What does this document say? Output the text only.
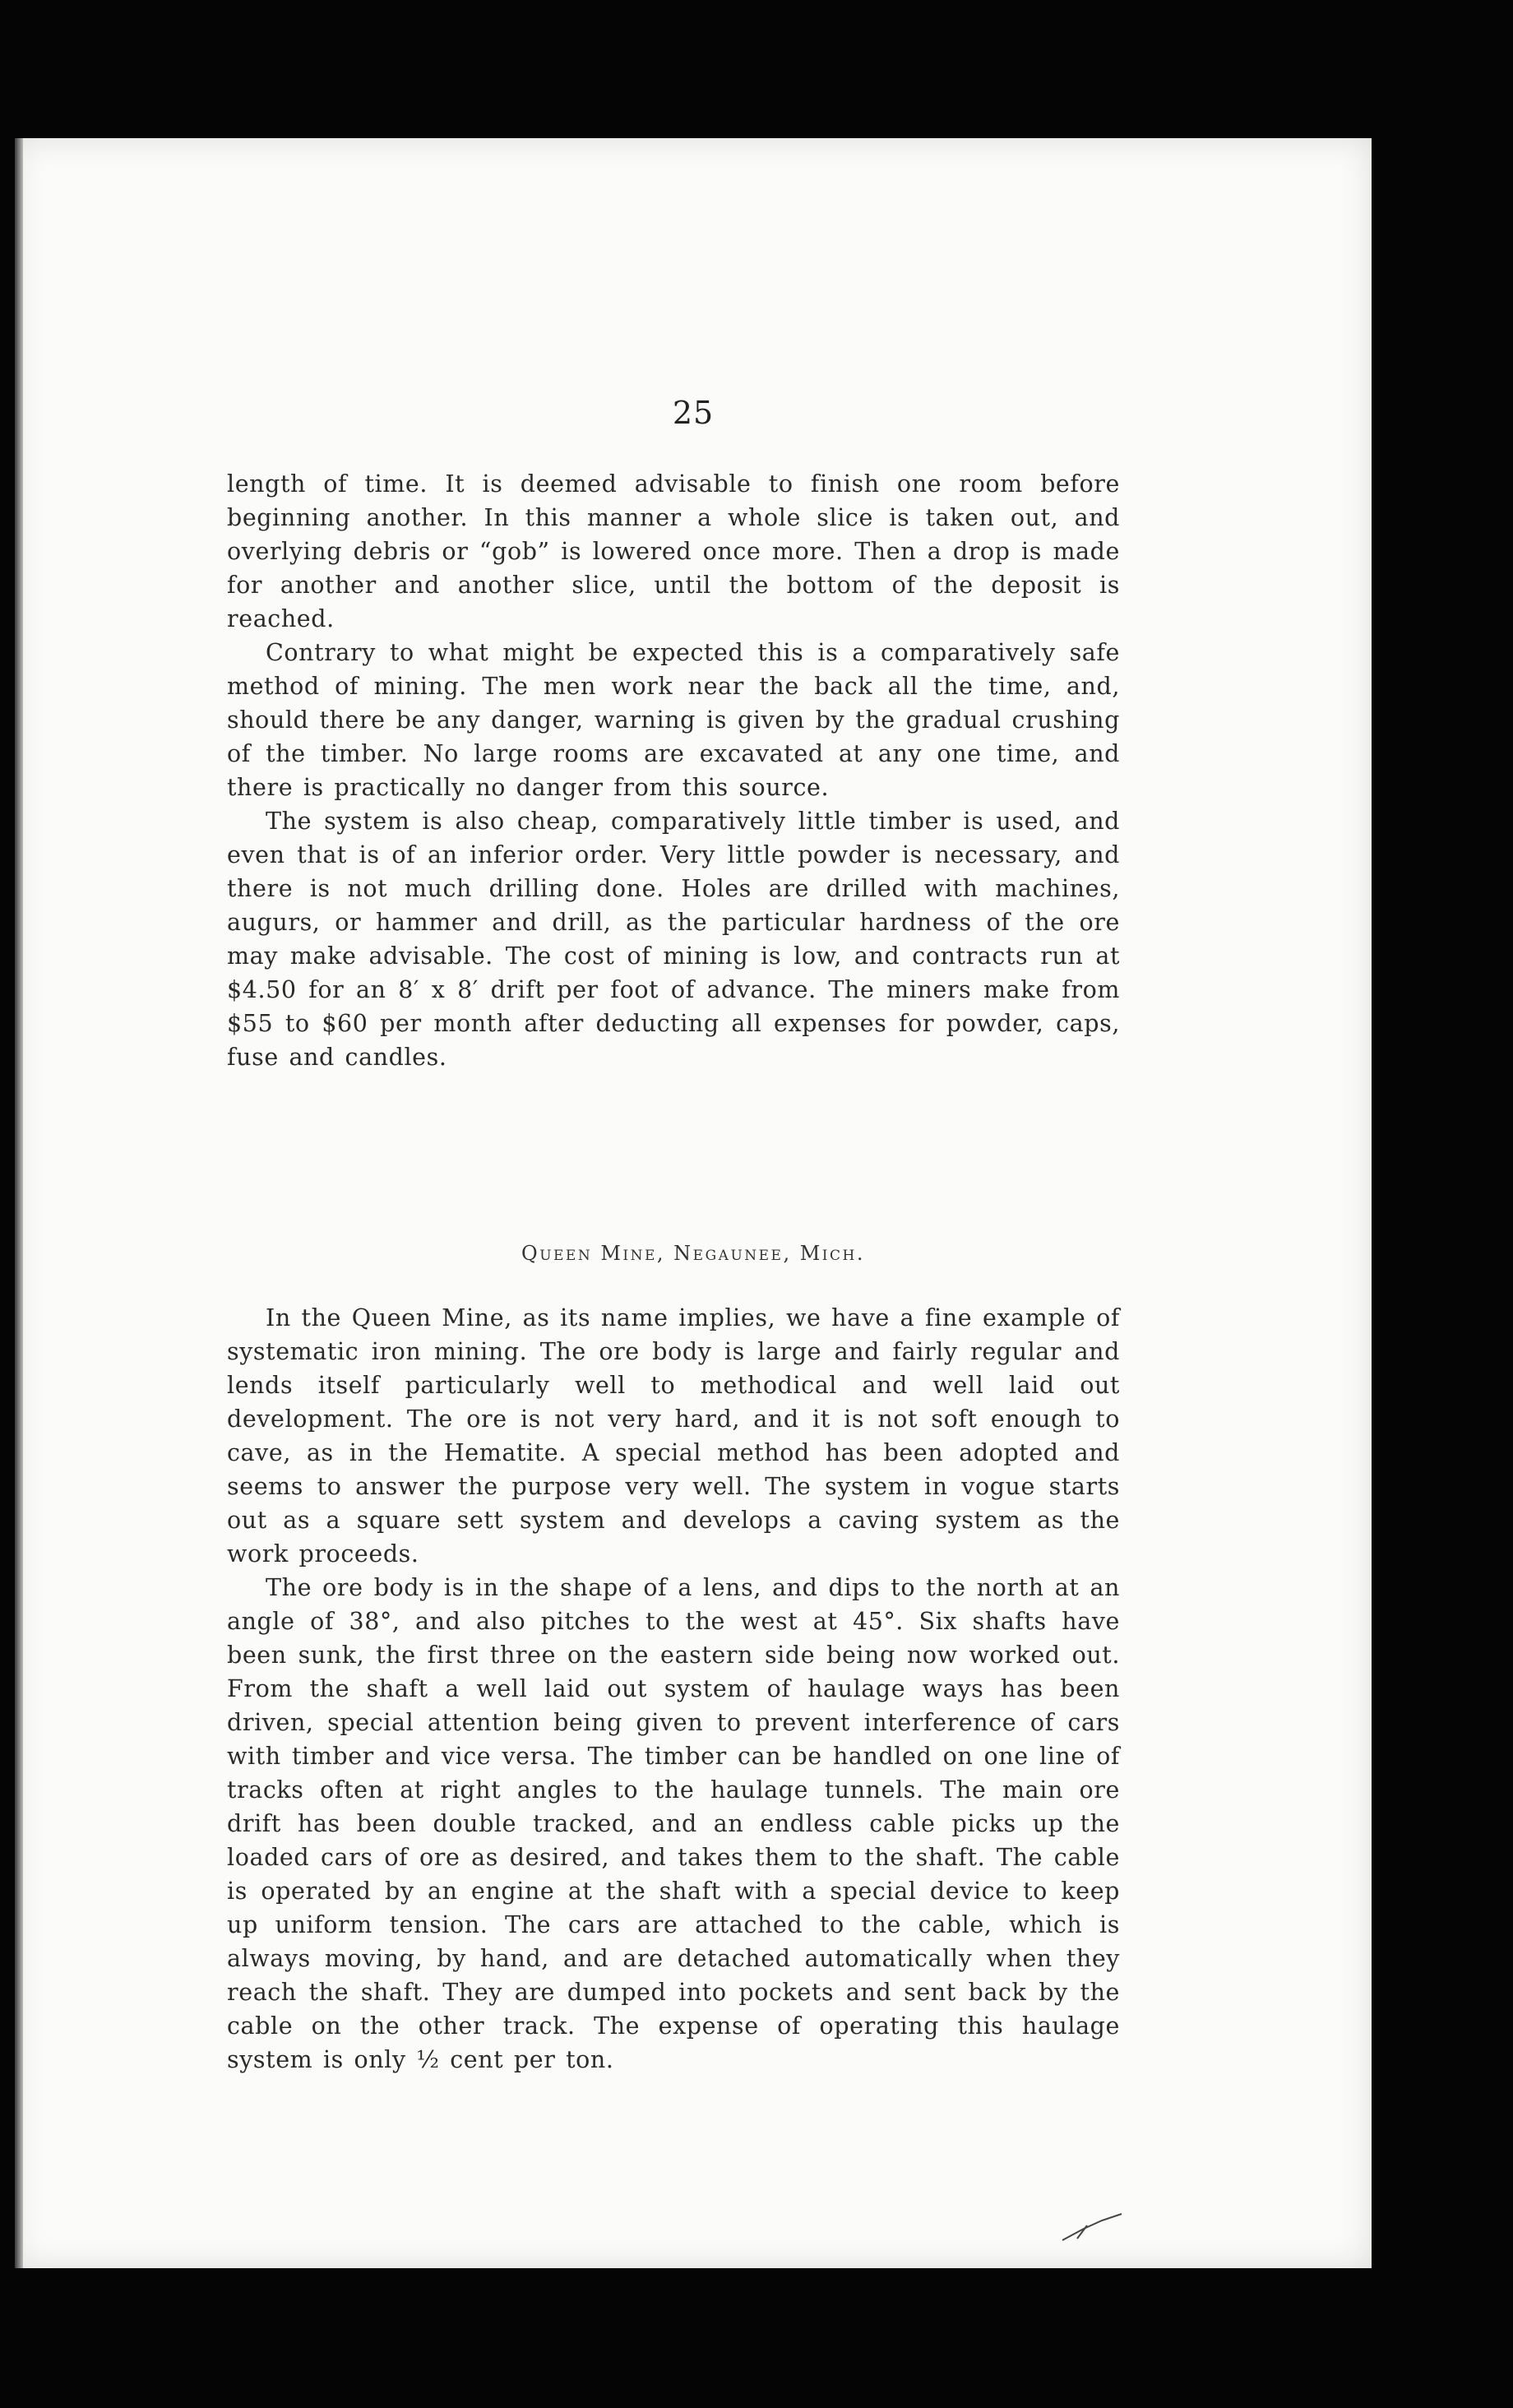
25

length of time. It is deemed advisable to finish one room before beginning another. In this manner a whole slice is taken out, and overlying debris or “gob” is lowered once more. Then a drop is made for another and another slice, until the bottom of the deposit is reached.

Contrary to what might be expected this is a comparatively safe method of mining. The men work near the back all the time, and, should there be any danger, warning is given by the gradual crushing of the timber. No large rooms are excavated at any one time, and there is practically no danger from this source.

The system is also cheap, comparatively little timber is used, and even that is of an inferior order. Very little powder is necessary, and there is not much drilling done. Holes are drilled with machines, augurs, or hammer and drill, as the particular hardness of the ore may make advisable. The cost of mining is low, and contracts run at $4.50 for an 8′ x 8′ drift per foot of advance. The miners make from $55 to $60 per month after deducting all expenses for powder, caps, fuse and candles.

Queen Mine, Negaunee, Mich.

In the Queen Mine, as its name implies, we have a fine example of systematic iron mining. The ore body is large and fairly regular and lends itself particularly well to methodical and well laid out development. The ore is not very hard, and it is not soft enough to cave, as in the Hematite. A special method has been adopted and seems to answer the purpose very well. The system in vogue starts out as a square sett system and develops a caving system as the work proceeds.

The ore body is in the shape of a lens, and dips to the north at an angle of 38°, and also pitches to the west at 45°. Six shafts have been sunk, the first three on the eastern side being now worked out. From the shaft a well laid out system of haulage ways has been driven, special attention being given to prevent interference of cars with timber and vice versa. The timber can be handled on one line of tracks often at right angles to the haulage tunnels. The main ore drift has been double tracked, and an endless cable picks up the loaded cars of ore as desired, and takes them to the shaft. The cable is operated by an engine at the shaft with a special device to keep up uniform tension. The cars are attached to the cable, which is always moving, by hand, and are detached automatically when they reach the shaft. They are dumped into pockets and sent back by the cable on the other track. The expense of operating this haulage system is only ½ cent per ton.
